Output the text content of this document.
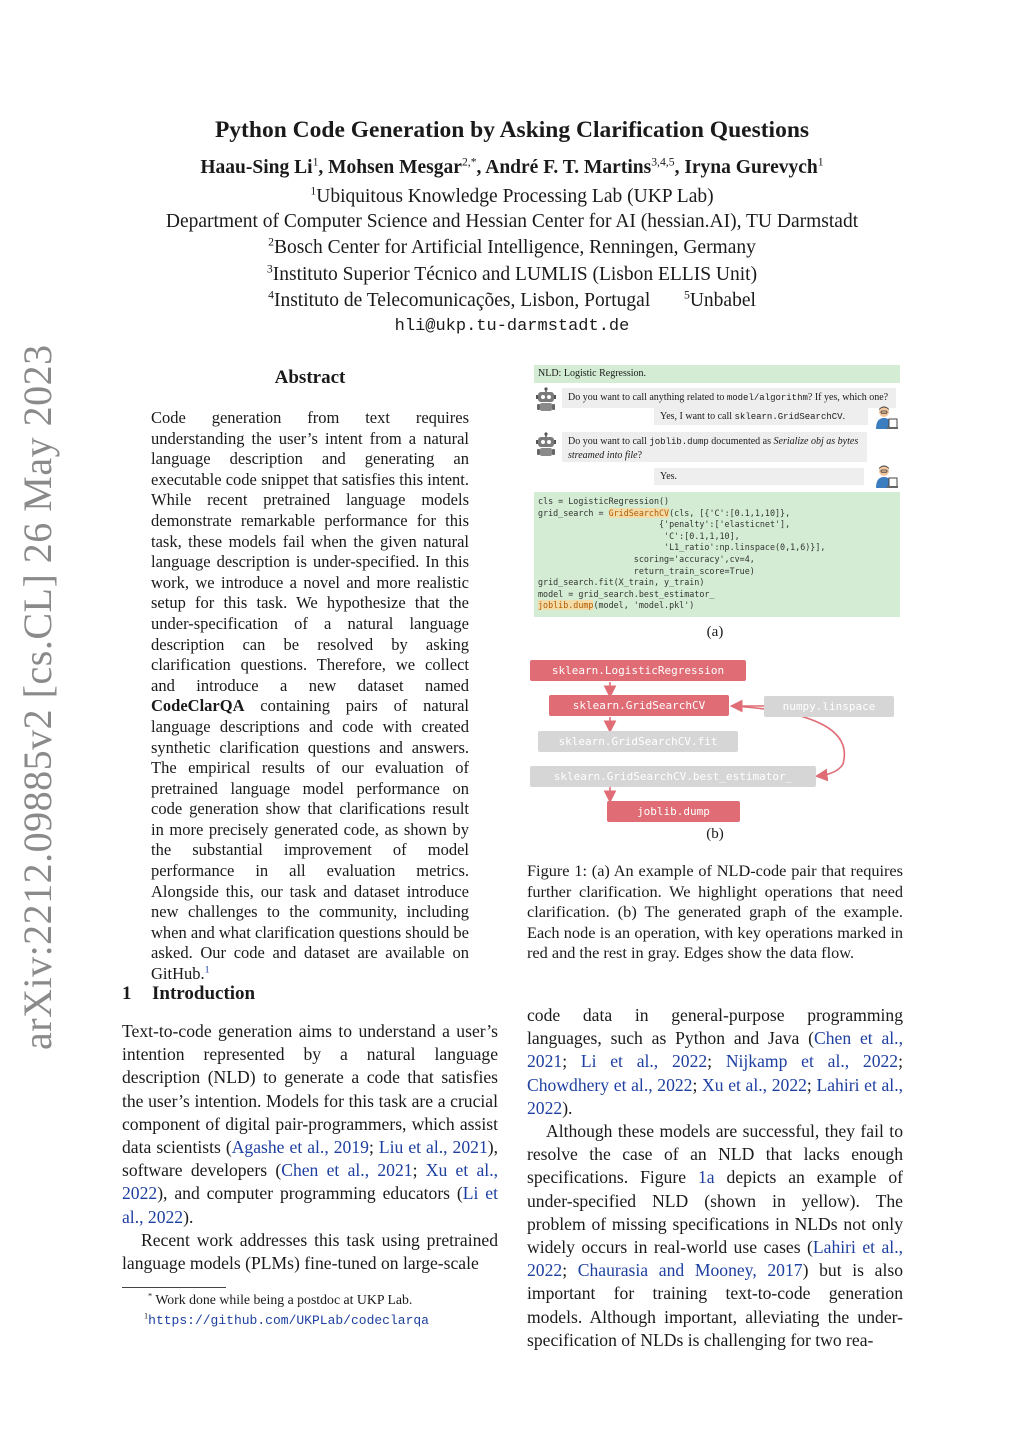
arXiv:2212.09885v2 [cs.CL] 26 May 2023
Python Code Generation by Asking Clarification Questions
Haau-Sing Li$^1$, Mohsen Mesgar$^{2,*}$, André F. T. Martins$^{3,4,5}$, Iryna Gurevych$^1$
$^1$Ubiquitous Knowledge Processing Lab (UKP Lab)
Department of Computer Science and Hessian Center for AI (hessian.AI), TU Darmstadt
$^2$Bosch Center for Artificial Intelligence, Renningen, Germany
$^3$Instituto Superior Técnico and LUMLIS (Lisbon ELLIS Unit)
$^4$Instituto de Telecomunicações, Lisbon, Portugal	$^5$Unbabel
hli@ukp.tu-darmstadt.de
Abstract
Code generation from text requires understanding the user’s intent from a natural language description and generating an executable code snippet that satisfies this intent. While recent pretrained language models demonstrate remarkable performance for this task, these models fail when the given natural language description is under-specified. In this work, we introduce a novel and more realistic setup for this task. We hypothesize that the under-specification of a natural language description can be resolved by asking clarification questions. Therefore, we collect and introduce a new dataset named CodeClarQA containing pairs of natural language descriptions and code with created synthetic clarification questions and answers. The empirical results of our evaluation of pretrained language model performance on code generation show that clarifications result in more precisely generated code, as shown by the substantial improvement of model performance in all evaluation metrics. Alongside this, our task and dataset introduce new challenges to the community, including when and what clarification questions should be asked. Our code and dataset are available on GitHub.$^1$
1 Introduction

Text-to-code generation aims to understand a user’s intention represented by a natural language description (NLD) to generate a code that satisfies the user’s intention. Models for this task are a crucial component of digital pair-programmers, which assist data scientists (Agashe et al., 2019; Liu et al., 2021), software developers (Chen et al., 2021; Xu et al., 2022), and computer programming educators (Li et al., 2022).

Recent work addresses this task using pretrained language models (PLMs) fine-tuned on large-scale

code data in general-purpose programming languages, such as Python and Java (Chen et al., 2021; Li et al., 2022; Nijkamp et al., 2022; Chowdhery et al., 2022; Xu et al., 2022; Lahiri et al., 2022).

Although these models are successful, they fail to resolve the case of an NLD that lacks enough specifications. Figure 1a depicts an example of under-specified NLD (shown in yellow). The problem of missing specifications in NLDs not only widely occurs in real-world use cases (Lahiri et al., 2022; Chaurasia and Mooney, 2017) but is also important for training text-to-code generation models. Although important, alleviating the under-specification of NLDs is challenging for two rea-

* Work done while being a postdoc at UKP Lab.
$^1$https://github.com/UKPLab/codeclarqa
NLD: Logistic Regression.
Do you want to call anything related to model/algorithm? If yes, which one?
Yes, I want to call sklearn.GridSearchCV.
Do you want to call joblib.dump documented as Serialize obj as bytes streamed into file?
Yes.
cls = LogisticRegression()
grid_search = GridSearchCV(cls, [{'C':[0.1,1,10]},
{'penalty':['elasticnet'],
'C':[0.1,1,10],
'L1_ratio':np.linspace(0,1,6)}],
scoring='accuracy',cv=4,
return_train_score=True)
grid_search.fit(X_train, y_train)
model = grid_search.best_estimator_
joblib.dump(model, 'model.pkl')
(a)
sklearn.LogisticRegression
sklearn.GridSearchCV	numpy.linspace
sklearn.GridSearchCV.fit
sklearn.GridSearchCV.best_estimator_
joblib.dump
(b)
Figure 1: (a) An example of NLD-code pair that requires further clarification. We highlight operations that need clarification. (b) The generated graph of the example. Each node is an operation, with key operations marked in red and the rest in gray. Edges show the data flow.
